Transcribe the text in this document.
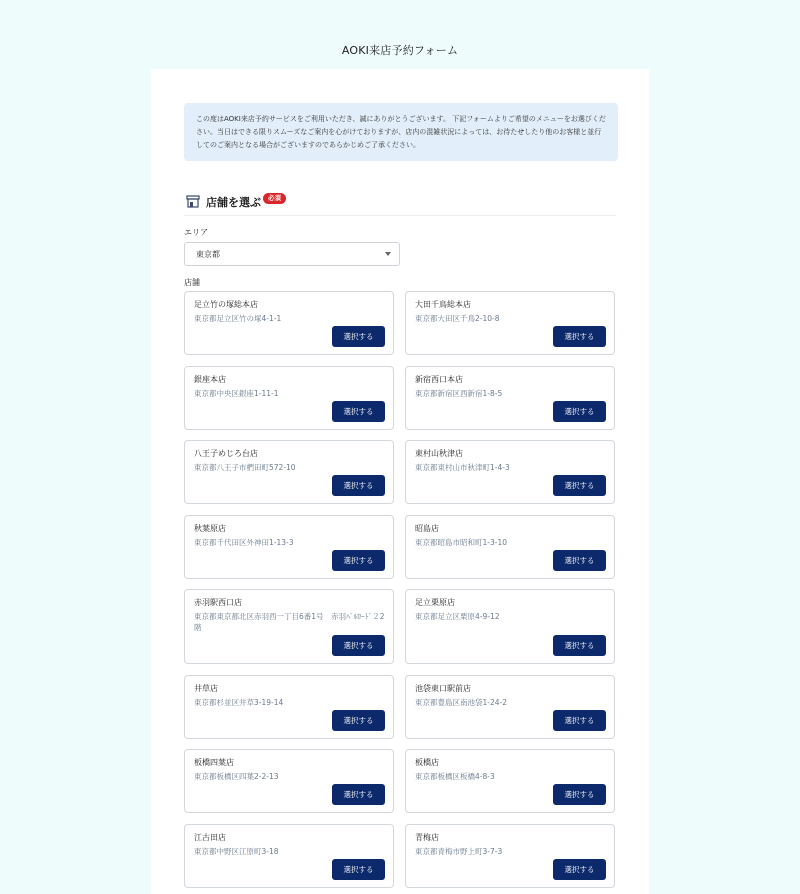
AOKI来店予約フォーム
この度はAOKI来店予約サービスをご利用いただき、誠にありがとうございます。 下記フォームよりご希望のメニューをお選びください。当日はできる限りスムーズなご案内を心がけておりますが、店内の混雑状況によっては、お待たせしたり他のお客様と並行してのご案内となる場合がございますのであらかじめご了承ください。
店舗を選ぶ	必須
エリア
東京都
店舗
足立竹の塚総本店
東京都足立区竹の塚4-1-1
選択する
大田千鳥総本店
東京都大田区千鳥2-10-8
選択する
銀座本店
東京都中央区銀座1-11-1
選択する
新宿西口本店
東京都新宿区西新宿1-8-5
選択する
八王子めじろ台店
東京都八王子市椚田町572-10
選択する
東村山秋津店
東京都東村山市秋津町1-4-3
選択する
秋葉原店
東京都千代田区外神田1-13-3
選択する
昭島店
東京都昭島市昭和町1-3-10
選択する
赤羽駅西口店
東京都東京都北区赤羽西一丁目6番1号　赤羽ﾊﾟﾙﾛｰﾄﾞ２2階
選択する
足立栗原店
東京都足立区栗原4-9-12
選択する
井草店
東京都杉並区井草3-19-14
選択する
池袋東口駅前店
東京都豊島区南池袋1-24-2
選択する
板橋四葉店
東京都板橋区四葉2-2-13
選択する
板橋店
東京都板橋区板橋4-8-3
選択する
江古田店
東京都中野区江原町3-18
選択する
青梅店
東京都青梅市野上町3-7-3
選択する
